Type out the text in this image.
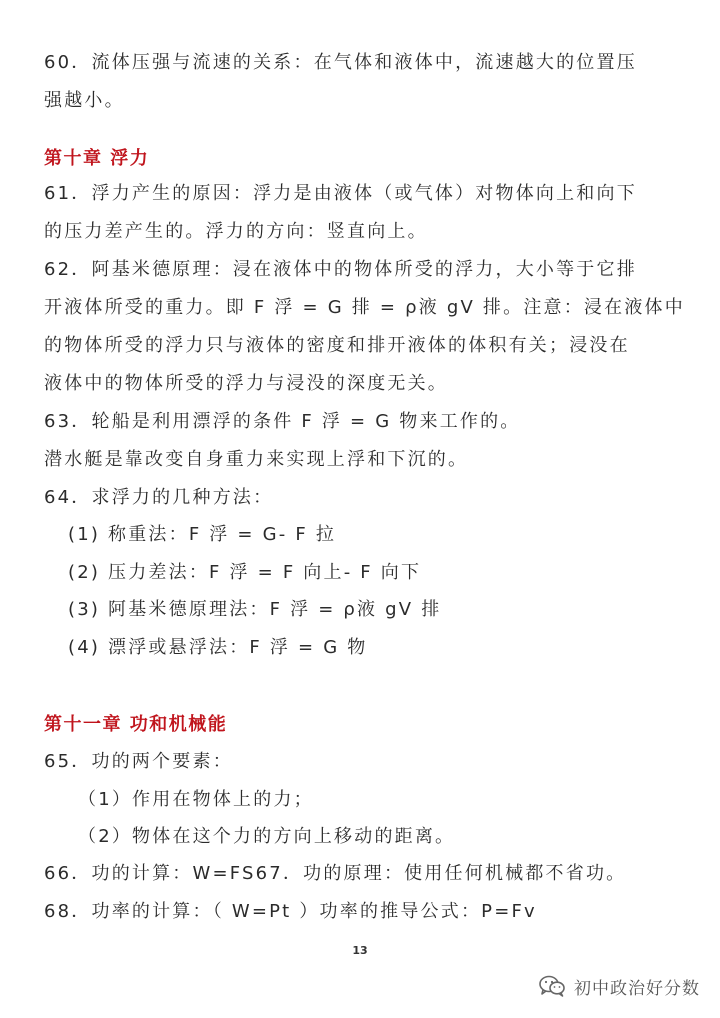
60．流体压强与流速的关系：在气体和液体中，流速越大的位置压
强越小。
第十章 浮力
61．浮力产生的原因：浮力是由液体（或气体）对物体向上和向下
的压力差产生的。浮力的方向：竖直向上。
62．阿基米德原理：浸在液体中的物体所受的浮力，大小等于它排
开液体所受的重力。即 F 浮 = G 排 = ρ液 gV 排。注意：浸在液体中
的物体所受的浮力只与液体的密度和排开液体的体积有关；浸没在
液体中的物体所受的浮力与浸没的深度无关。
63．轮船是利用漂浮的条件 F 浮 = G 物来工作的。
潜水艇是靠改变自身重力来实现上浮和下沉的。
64．求浮力的几种方法：
(1) 称重法：F 浮 = G- F 拉
(2) 压力差法：F 浮 = F 向上- F 向下
(3) 阿基米德原理法：F 浮 = ρ液 gV 排
(4) 漂浮或悬浮法：F 浮 = G 物
第十一章 功和机械能
65．功的两个要素：
（1）作用在物体上的力；
（2）物体在这个力的方向上移动的距离。
66．功的计算：W=FS67．功的原理：使用任何机械都不省功。
68．功率的计算：（ W=Pt ）功率的推导公式：P=Fv
13
初中政治好分数
